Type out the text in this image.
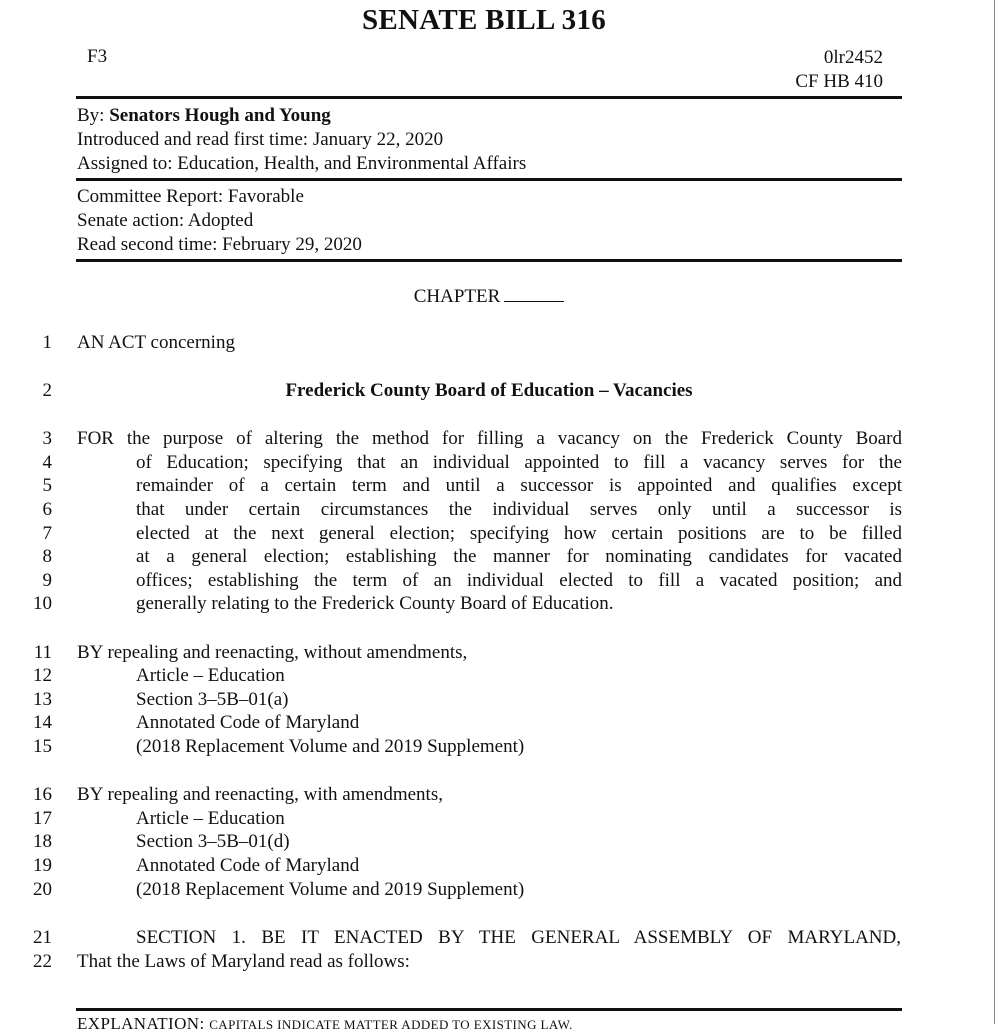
SENATE BILL 316
F3	0lr2452
CF HB 410
By: Senators Hough and Young
Introduced and read first time: January 22, 2020
Assigned to: Education, Health, and Environmental Affairs
Committee Report: Favorable
Senate action: Adopted
Read second time: February 29, 2020
CHAPTER
1 AN ACT concerning
2	Frederick County Board of Education – Vacancies
3 FOR the purpose of altering the method for filling a vacancy on the Frederick County Board
4	of Education; specifying that an individual appointed to fill a vacancy serves for the
5	remainder of a certain term and until a successor is appointed and qualifies except
6	that under certain circumstances the individual serves only until a successor is
7	elected at the next general election; specifying how certain positions are to be filled
8	at a general election; establishing the manner for nominating candidates for vacated
9	offices; establishing the term of an individual elected to fill a vacated position; and
10	generally relating to the Frederick County Board of Education.
11 BY repealing and reenacting, without amendments,
12	Article – Education
13	Section 3–5B–01(a)
14	Annotated Code of Maryland
15	(2018 Replacement Volume and 2019 Supplement)
16 BY repealing and reenacting, with amendments,
17	Article – Education
18	Section 3–5B–01(d)
19	Annotated Code of Maryland
20	(2018 Replacement Volume and 2019 Supplement)
21	SECTION 1. BE IT ENACTED BY THE GENERAL ASSEMBLY OF MARYLAND,
22 That the Laws of Maryland read as follows:
EXPLANATION: CAPITALS INDICATE MATTER ADDED TO EXISTING LAW.
